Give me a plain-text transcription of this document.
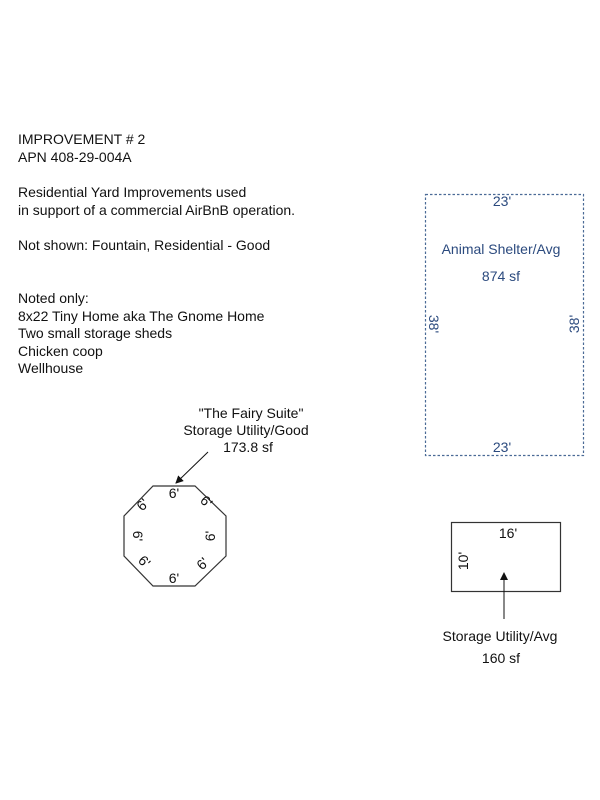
IMPROVEMENT # 2
APN 408-29-004A
Residential Yard Improvements used
in support of a commercial AirBnB operation.
Not shown: Fountain, Residential - Good
Noted only:
8x22 Tiny Home aka The Gnome Home
Two small storage sheds
Chicken coop
Wellhouse
23'
23'
Animal Shelter/Avg
874 sf
38'	38'
"The Fairy Suite"
Storage Utility/Good
173.8 sf
6' 6'
6'
6'
6'
6'
6'
6'
16'
10'
Storage Utility/Avg
160 sf
